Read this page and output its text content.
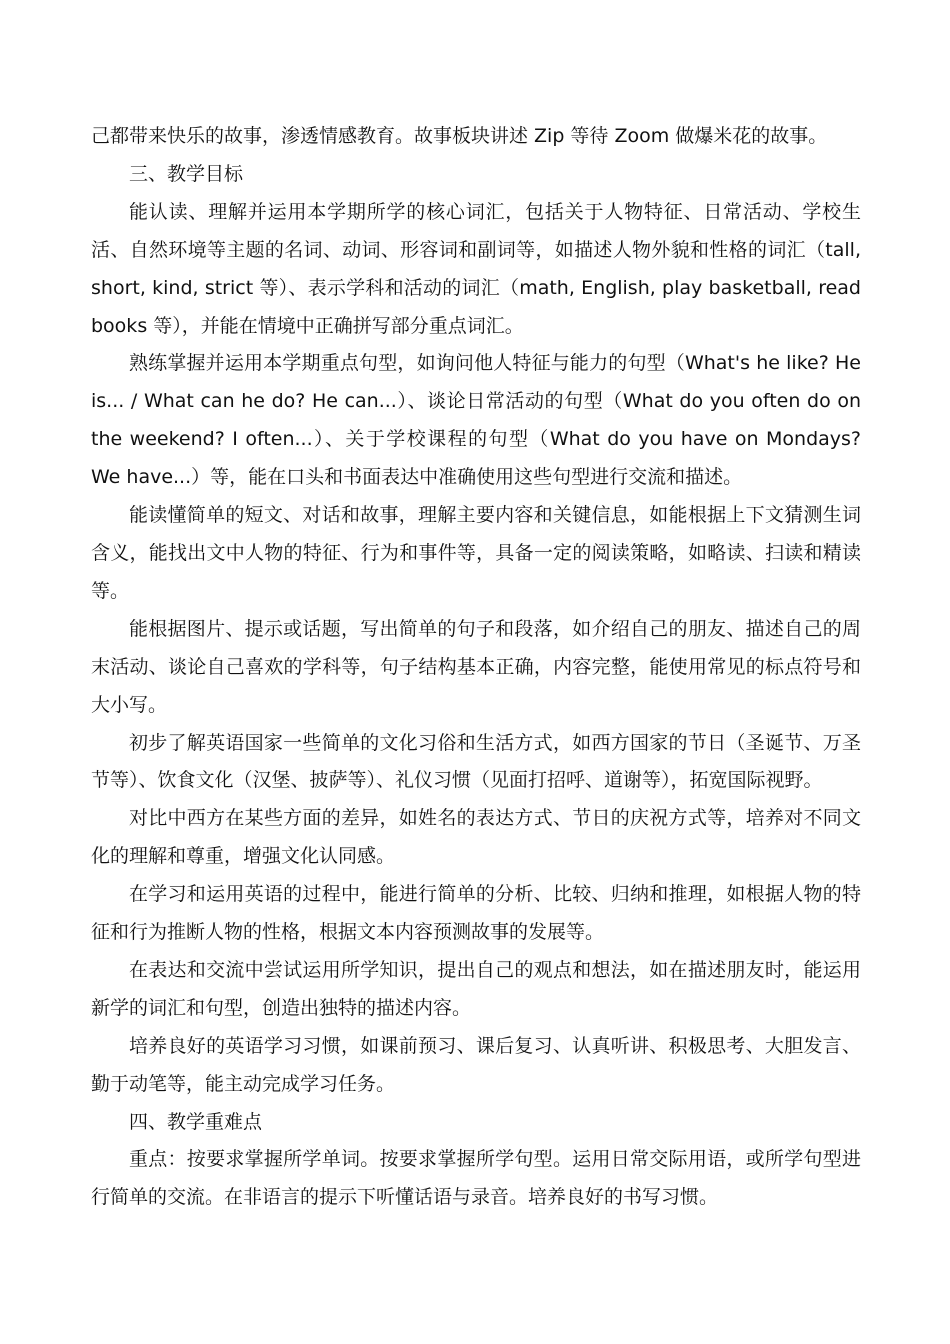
己都带来快乐的故事，渗透情感教育。故事板块讲述 Zip 等待 Zoom 做爆米花的故事。

三、教学目标

能认读、理解并运用本学期所学的核心词汇，包括关于人物特征、日常活动、学校生活、自然环境等主题的名词、动词、形容词和副词等，如描述人物外貌和性格的词汇（tall, short, kind, strict 等）、表示学科和活动的词汇（math, English, play basketball, read books 等），并能在情境中正确拼写部分重点词汇。

熟练掌握并运用本学期重点句型，如询问他人特征与能力的句型（What's he like? He is... / What can he do? He can...）、谈论日常活动的句型（What do you often do on the weekend? I often...）、关于学校课程的句型（What do you have on Mondays? We have...）等，能在口头和书面表达中准确使用这些句型进行交流和描述。

能读懂简单的短文、对话和故事，理解主要内容和关键信息，如能根据上下文猜测生词含义，能找出文中人物的特征、行为和事件等，具备一定的阅读策略，如略读、扫读和精读等。

能根据图片、提示或话题，写出简单的句子和段落，如介绍自己的朋友、描述自己的周末活动、谈论自己喜欢的学科等，句子结构基本正确，内容完整，能使用常见的标点符号和大小写。

初步了解英语国家一些简单的文化习俗和生活方式，如西方国家的节日（圣诞节、万圣节等）、饮食文化（汉堡、披萨等）、礼仪习惯（见面打招呼、道谢等），拓宽国际视野。

对比中西方在某些方面的差异，如姓名的表达方式、节日的庆祝方式等，培养对不同文化的理解和尊重，增强文化认同感。

在学习和运用英语的过程中，能进行简单的分析、比较、归纳和推理，如根据人物的特征和行为推断人物的性格，根据文本内容预测故事的发展等。

在表达和交流中尝试运用所学知识，提出自己的观点和想法，如在描述朋友时，能运用新学的词汇和句型，创造出独特的描述内容。

培养良好的英语学习习惯，如课前预习、课后复习、认真听讲、积极思考、大胆发言、勤于动笔等，能主动完成学习任务。

四、教学重难点

重点：按要求掌握所学单词。按要求掌握所学句型。运用日常交际用语，或所学句型进行简单的交流。在非语言的提示下听懂话语与录音。培养良好的书写习惯。
